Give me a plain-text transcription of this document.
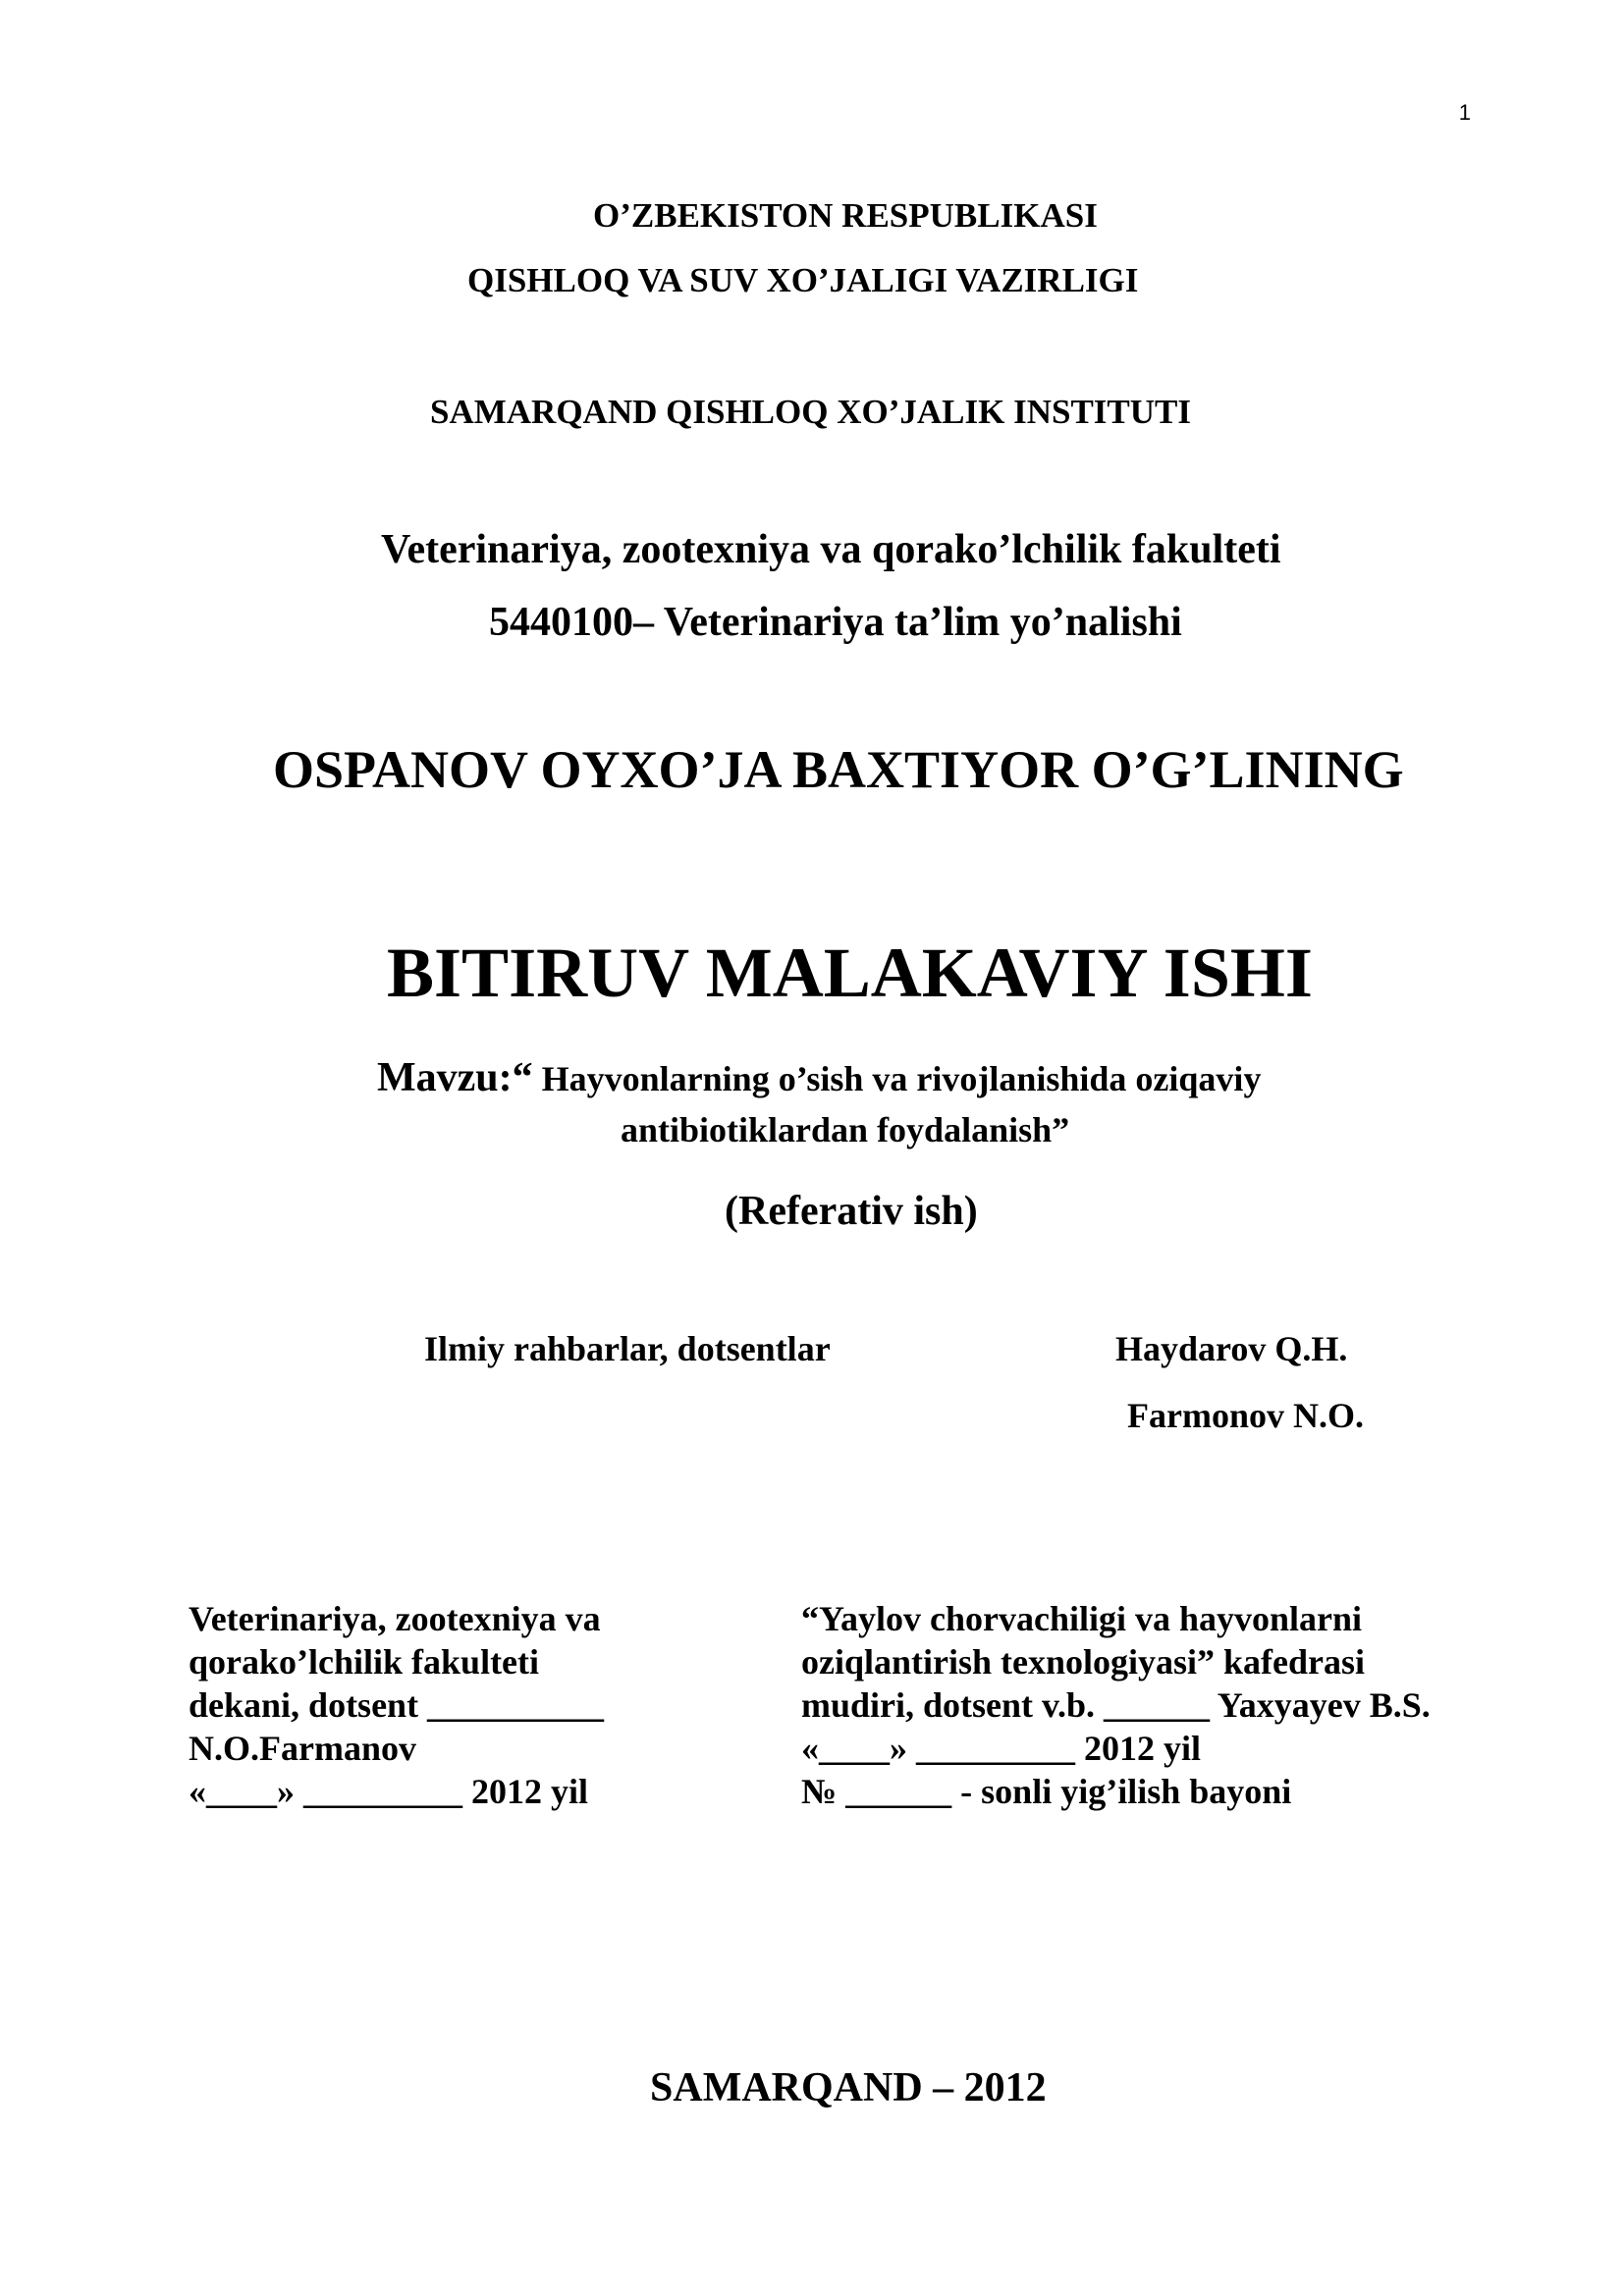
1
O’ZBEKISTON RESPUBLIKASI
QISHLOQ VA SUV XO’JALIGI VAZIRLIGI
SAMARQAND QISHLOQ XO’JALIK INSTITUTI
Veterinariya, zootexniya va qorako’lchilik fakulteti
5440100– Veterinariya ta’lim yo’nalishi
OSPANOV OYXO’JA BAXTIYOR O’G’LINING
BITIRUV MALAKAVIY ISHI
Mavzu:“ Hayvonlarning o’sish va rivojlanishida oziqaviy
antibiotiklardan foydalanish”
(Referativ ish)
Ilmiy rahbarlar, dotsentlar	Haydarov Q.H.
Farmonov N.O.
Veterinariya, zootexniya va
qorako’lchilik fakulteti
dekani, dotsent __________
N.O.Farmanov
«____» _________ 2012 yil
“Yaylov chorvachiligi va hayvonlarni
oziqlantirish texnologiyasi” kafedrasi
mudiri, dotsent v.b. ______ Yaxyayev B.S.
«____» _________ 2012 yil
№ ______ - sonli yig’ilish bayoni
SAMARQAND – 2012
